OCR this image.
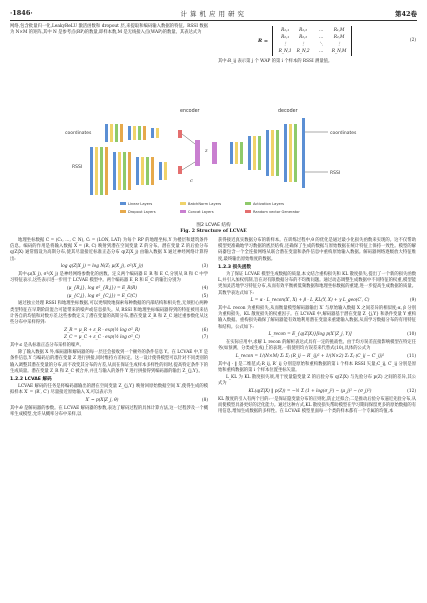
·1846·	计算机应用研究	第42卷

网络,包含批量归一化,LeakyReLU 激活函数和 dropout 层,来提取和编码输入数据的特征。RSSI 数据为 N×M 的矩阵,其中 N 是参考点(RP)的数量,即样本数,M 是无线接入点(WAP)的数量。其表达式为

R =
R₁,₁	R₁,₂	…	R₁,M
R₂,₁	R₂,₂	…	R₂,M
⋮	⋮	⋱	⋮
R_N,1	R_N,2	…	R_N,M
(2)

其中:R_ij 表示第 j 个 WAP 的第 i 个样本的 RSSI 测量值。

coordinates
RSSI
encoder	decoder
z
c
coordinates
RSSI
Linear Layers	BatchNorm Layers	Activation Layers
Dropout Layers	Concat Layers	Random vector Generator
图2 LCVAE 结构
Fig. 2 Structure of LCVAE

地理坐标数据 C = (C₁, …, C_N), Cᵢ = (LON, LAT) 为每个 RP 的地理坐标,Y 为楼层和建筑条件信息。编码的作用是将输入数据 X = (R, C) 映射到潜在空间变量 Z 的分布。潜在变量 Z 的后验分布 q(Z|X) 通常假设为高斯分布,使其尽量接近标准正态分布 q(Z|X_j) 由输入数据 X 通过神经网络计算得出:

log q(Z|X_j) = log N(Z; μ(X_j), σ²(X_j))	(3)

其中:μ(X_j), σ²(X_j) 是神经网络参数化的函数。定义两个编码器 E_R 和 E_C,分别从 R 和 C 中学习特征表示,这些表示进一步用于 LCVAE 模型中。两个编码器 E_R 和 E_C 的输出分别为

(μ_{R,j}, log σ²_{R,j}) = E_R(R)	(4)
(μ_{C,j}, log σ²_{C,j}) = E_C(C)	(5)

通过独立处理 RSSI 和地理坐标数据,可以更细致地探索每种数据的内部结构和相关性,无须担心两种类型特征在早期阶段混合可能带来的噪声或信息损失。从 RSSI 和地理坐标编码器得到的特征被用来估计各自的均值和对数方差,这些参数定义了潜在变量的高斯分布,潜在变量 Z_R 和 Z_C 通过重参数化从这些分布中采样得到:

Z_R = μ_R + ε_R · exp(½ log σ²_R)	(6)
Z_C = μ_C + ε_C · exp(½ log σ²_C)	(7)

其中:ε 是从标准正态分布采样的噪声。

除了输入数据 X 外,编码器和解码器的每一层还会接收到一个额外的条件信息 Y。在 LCVAE 中,Y 是条件信息,Y 与编码后的潜在变量 Z 进行拼接,同时维持方差标定。这一设计使得模型可以针对不同类别的输入调整其潜在变量的分布,而不改变其分布的方差,从而在保证生成样本多样性的同时,提高特定条件下的生成质量。潜在变量 Z_R 和 Z_C 被合并,并且与输入的条件 Y 进行拼接得到编码器的输出 Z_{j,Y}。

1.2.2 LCVAE 解码

LCVAE 解码的任务是将编码器输出的潜在空间变量 Z_{j,Y} 映射回原始数据空间 X′,使得生成的模拟样本 X′ = (R′, C′) 尽量接近原始输入 X,可以表示为

X′ ~ p(X|Z_j, θ)	(8)

其中:θ 是解码器的参数。在 LCVAE 解码器的参数,表达了解码过程的具体计算方法,这一过程涉及一个概率生成模型,允许从概率分布中采样,以

获得接近真实数据分布的新样本。在训练过程中,θ 的优化是通过最小化损失函数来实现的。这不仅帮助模型更准确地学习数据的底层结构,还确保了生成的数据与原始数据在统计特征上保持一致性。模型的解码器包含一个全连接网络从联合潜在变量和条件信息中重构原始输入数据。解码器网络逐级放大特征维度,最终输出原始维度的数据。

1.2.3 损失函数

为了保证 LCVAE 模型生成数据的质量,本文结合重构损失和 KL 散度损失,提出了一个新的损失函数 L,并引入加权机制,旨在对有限数据分布的不均衡问题。通过动态调整生成数据中不同特征的权重,模型能更加灵活地学习特征分布,从而有效平衡被低频数据和地理坐标数据的重建,进一步提高生成数据的质量。其数学表达式如下:

L = α · L_recon(X′, X) + β · L_KL(Y, X) + γ L_geo(C′, C)	(9)

其中:L_recon 为重构损失,从而衡量模型解码器输出 X′ 与原始输入数据 X 之间差异的相似度;α, β 分别为重构损失、KL 散度损失的权重因子。在 LCVAE 中,解码器基于潜在变量 Z_{j,Y} 和条件变量 Y 重构输入数据。重构损失确保了解码器能有效地利用潜在变量来重建输入数据,从而学习数据分布的有用特征和结构。公式如下:

L_recon = E_{q(Z|X)}[log p(X′|Z_j, Y)]	(10)

在实际应用中,求解 L_recon 的解析表达式具有一定的挑战性。由于均方误差直接影响模型在特定任务(如预测、分类或生成)上的表现,一般使用均方误差来代替式(10),具体的公式为

L_recon = 1/(N×M) Σᵢ Σⱼ (R_ij − R′_ij)² + 1/(N×2) Σᵢ Σⱼ (C_ij − C′_ij)²	(11)

其中:‖ · ‖ 是二维范式;R_ij, R′_ij 分别是原始和重构数据的第 i 个样本 RSSI 矢量;C_ij, C′_ij 分别是原始和重构数据的第 i 个样本位置坐标矢量。

L_KL 为 KL 散度损失项,用于度量隐变量 Z 的后验分布 q(Z|X) 与先验分布 p(Z) 之间的差异,其公式为

KL(q(Z|X) ‖ p(Z)) = −½ Σ (1 + log(σ_j²) − (μ_j)² − (σ_j)²)	(12)

KL 散度的引入有两个目的:一是保证隐变量分布的正则化,防止过拟合;二是推动后验分布逼近先验分布,从而使模型具备更好的泛化能力。通过这种方式,KL 散度损失帮助模型在学习期间保留更多的原始数据的有用信息,增加生成数据的多样性。在 LCVAE 模型里面每一个类的样本都有一个专属的均值,本
